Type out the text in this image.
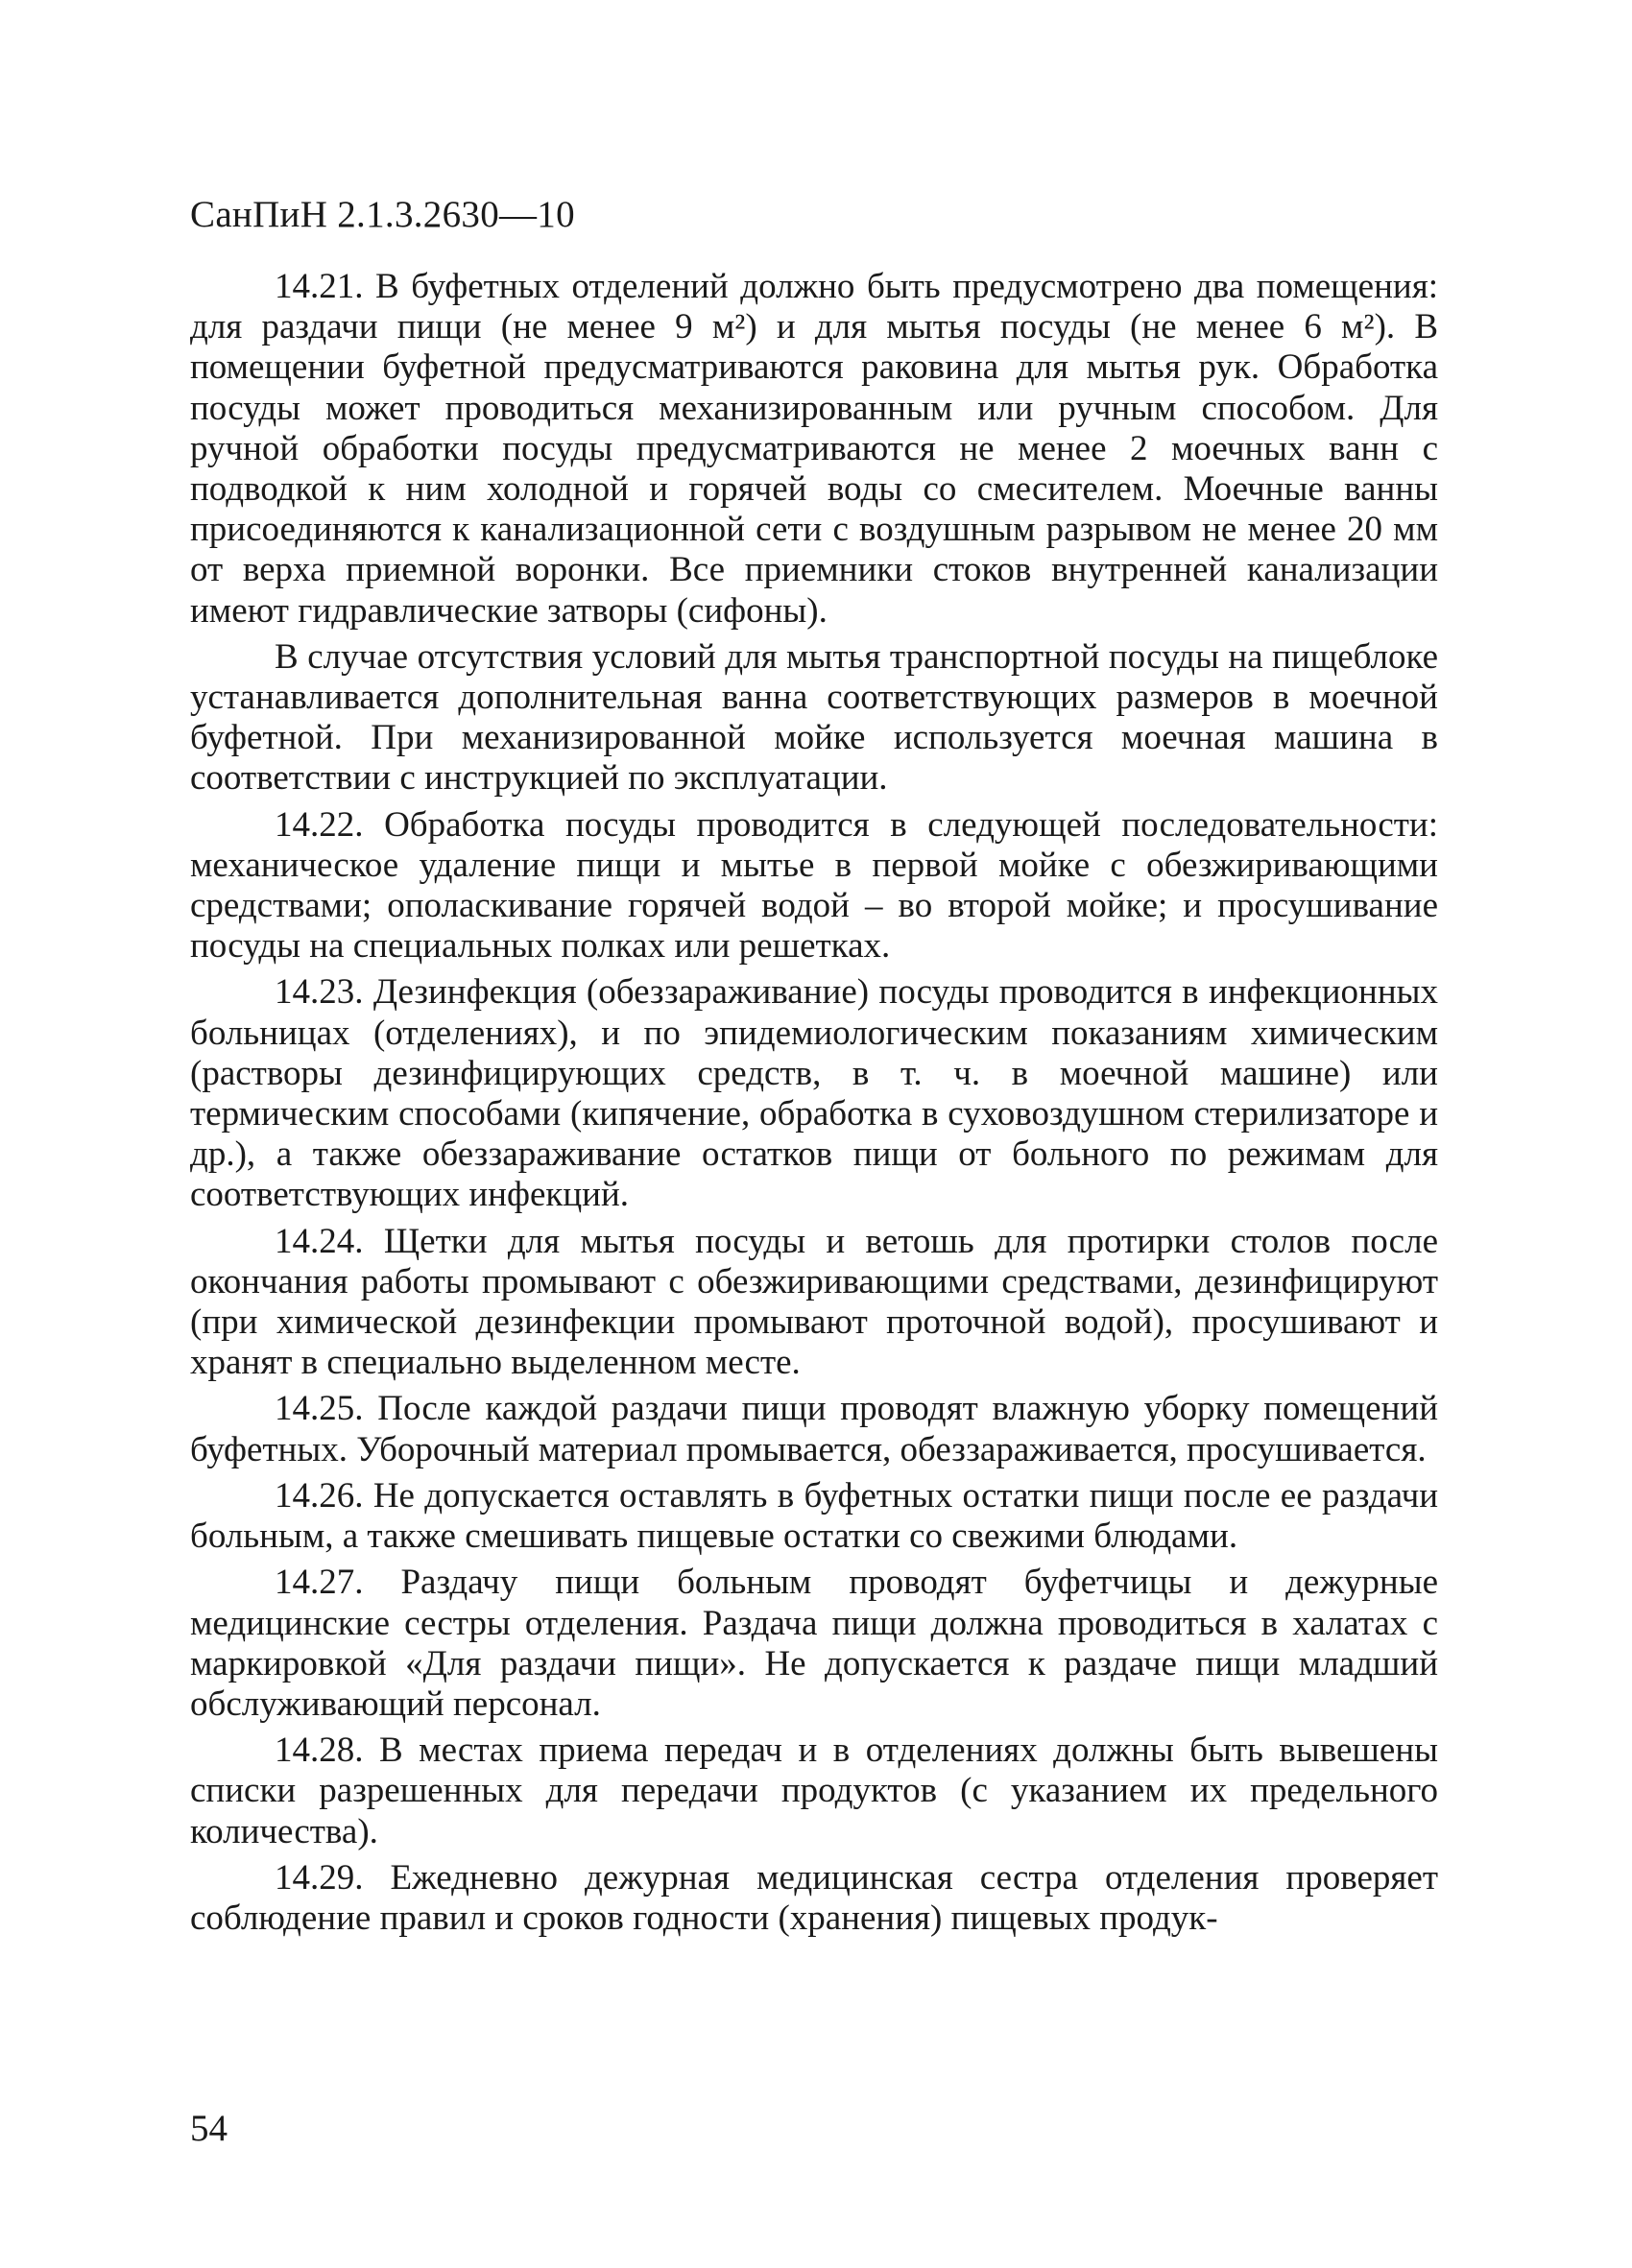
СанПиН 2.1.3.2630—10

14.21. В буфетных отделений должно быть предусмотрено два помещения: для раздачи пищи (не менее 9 м²) и для мытья посуды (не менее 6 м²). В помещении буфетной предусматриваются раковина для мытья рук. Обработка посуды может проводиться механизированным или ручным способом. Для ручной обработки посуды предусматриваются не менее 2 моечных ванн с подводкой к ним холодной и горячей воды со смесителем. Моечные ванны присоединяются к канализационной сети с воздушным разрывом не менее 20 мм от верха приемной воронки. Все приемники стоков внутренней канализации имеют гидравлические затворы (сифоны).

В случае отсутствия условий для мытья транспортной посуды на пищеблоке устанавливается дополнительная ванна соответствующих размеров в моечной буфетной. При механизированной мойке используется моечная машина в соответствии с инструкцией по эксплуатации.

14.22. Обработка посуды проводится в следующей последовательности: механическое удаление пищи и мытье в первой мойке с обезжиривающими средствами; ополаскивание горячей водой – во второй мойке; и просушивание посуды на специальных полках или решетках.

14.23. Дезинфекция (обеззараживание) посуды проводится в инфекционных больницах (отделениях), и по эпидемиологическим показаниям химическим (растворы дезинфицирующих средств, в т. ч. в моечной машине) или термическим способами (кипячение, обработка в суховоздушном стерилизаторе и др.), а также обеззараживание остатков пищи от больного по режимам для соответствующих инфекций.

14.24. Щетки для мытья посуды и ветошь для протирки столов после окончания работы промывают с обезжиривающими средствами, дезинфицируют (при химической дезинфекции промывают проточной водой), просушивают и хранят в специально выделенном месте.

14.25. После каждой раздачи пищи проводят влажную уборку помещений буфетных. Уборочный материал промывается, обеззараживается, просушивается.

14.26. Не допускается оставлять в буфетных остатки пищи после ее раздачи больным, а также смешивать пищевые остатки со свежими блюдами.

14.27. Раздачу пищи больным проводят буфетчицы и дежурные медицинские сестры отделения. Раздача пищи должна проводиться в халатах с маркировкой «Для раздачи пищи». Не допускается к раздаче пищи младший обслуживающий персонал.

14.28. В местах приема передач и в отделениях должны быть вывешены списки разрешенных для передачи продуктов (с указанием их предельного количества).

14.29. Ежедневно дежурная медицинская сестра отделения проверяет соблюдение правил и сроков годности (хранения) пищевых продук-

54
